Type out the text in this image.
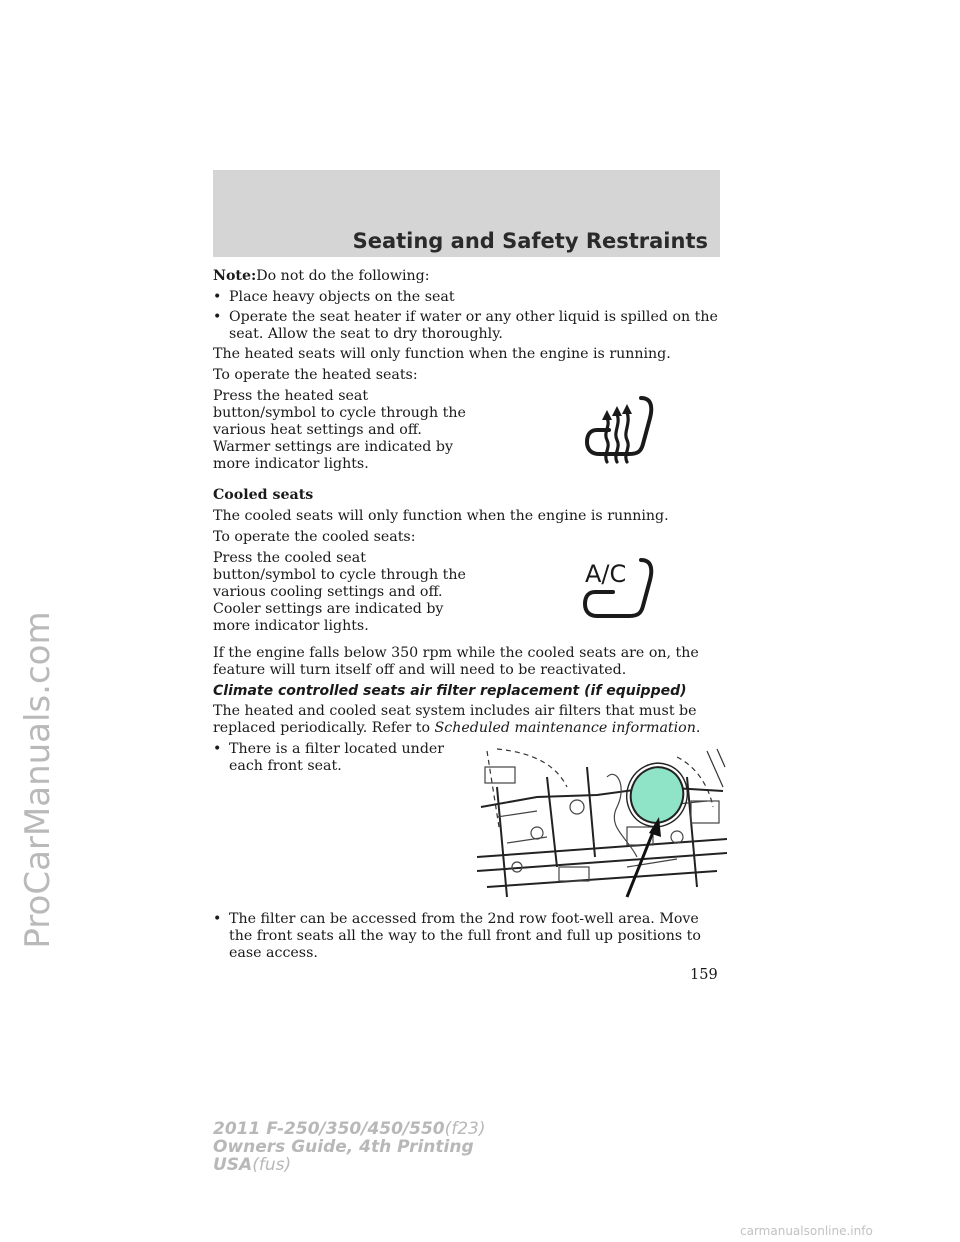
ProCarManuals.com
Seating and Safety Restraints

Note:Do not do the following:

• Place heavy objects on the seat
• Operate the seat heater if water or any other liquid is spilled on the seat. Allow the seat to dry thoroughly.

The heated seats will only function when the engine is running.

To operate the heated seats:

Press the heated seat button/symbol to cycle through the various heat settings and off. Warmer settings are indicated by more indicator lights.

Cooled seats

The cooled seats will only function when the engine is running.

To operate the cooled seats:

Press the cooled seat button/symbol to cycle through the various cooling settings and off. Cooler settings are indicated by more indicator lights.
A/C

If the engine falls below 350 rpm while the cooled seats are on, the feature will turn itself off and will need to be reactivated.

Climate controlled seats air filter replacement (if equipped)

The heated and cooled seat system includes air filters that must be replaced periodically. Refer to Scheduled maintenance information.

• There is a filter located under each front seat.
• The filter can be accessed from the 2nd row foot-well area. Move the front seats all the way to the full front and full up positions to ease access.
159
2011 F-250/350/450/550(f23)
Owners Guide, 4th Printing
USA(fus)
carmanualsonline.info
